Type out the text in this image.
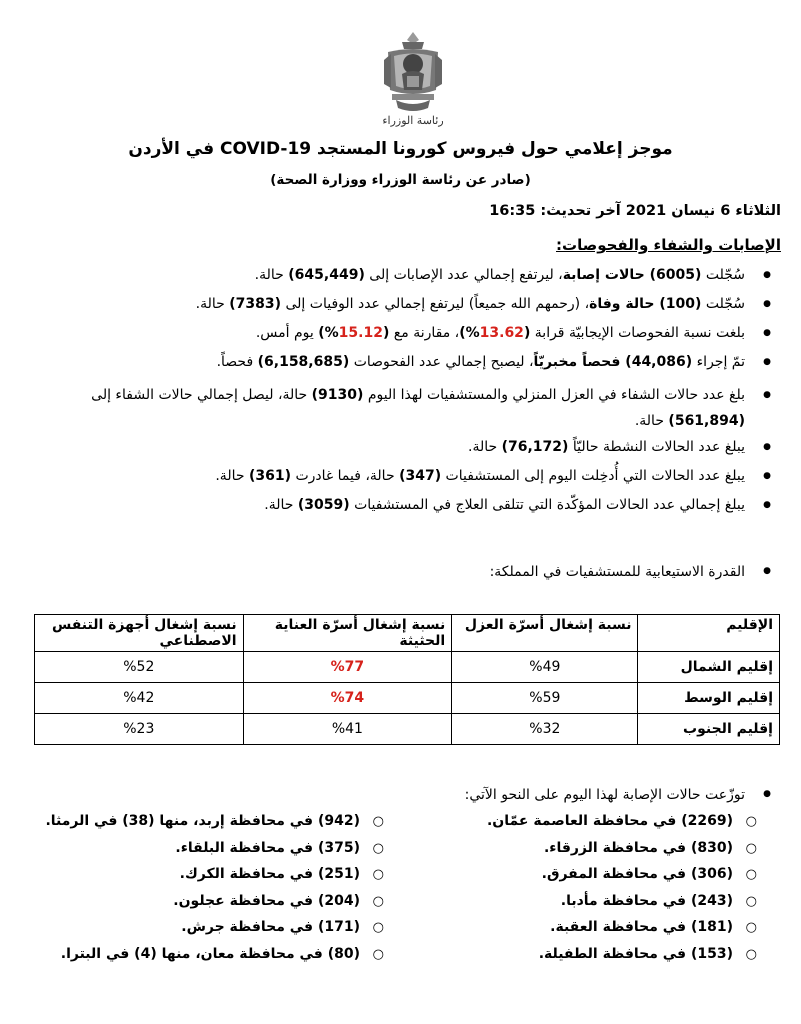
رئاسة الوزراء
موجز إعلامي حول فيروس كورونا المستجد COVID-19 في الأردن
(صادر عن رئاسة الوزراء ووزارة الصحة)
الثلاثاء 6 نيسان 2021 آخر تحديث: 16:35
الإصابات والشفاء والفحوصات:
● سُجّلت (6005) حالات إصابة، ليرتفع إجمالي عدد الإصابات إلى (645,449) حالة.
● سُجّلت (100) حالة وفاة، (رحمهم الله جميعاً) ليرتفع إجمالي عدد الوفيات إلى (7383) حالة.
● بلغت نسبة الفحوصات الإيجابيّة قرابة (13.62%)، مقارنة مع (15.12%) يوم أمس.
● تمّ إجراء (44,086) فحصاً مخبريّاً، ليصبح إجمالي عدد الفحوصات (6,158,685) فحصاً.
● بلغ عدد حالات الشفاء في العزل المنزلي والمستشفيات لهذا اليوم (9130) حالة، ليصل إجمالي حالات الشفاء إلى (561,894) حالة.
● يبلغ عدد الحالات النشطة حاليّاً (76,172) حالة.
● يبلغ عدد الحالات التي أُدخِلت اليوم إلى المستشفيات (347) حالة، فيما غادرت (361) حالة.
● يبلغ إجمالي عدد الحالات المؤكّدة التي تتلقى العلاج في المستشفيات (3059) حالة.
● القدرة الاستيعابية للمستشفيات في المملكة:
الإقليم	نسبة إشغال أسرّة العزل	نسبة إشغال أسرّة العناية الحثيثة	نسبة إشغال أجهزة التنفس الاصطناعي
إقليم الشمال	%49	%77	%52
إقليم الوسط	%59	%74	%42
إقليم الجنوب	%32	%41	%23
● توزّعت حالات الإصابة لهذا اليوم على النحو الآتي:
○ (2269) في محافظة العاصمة عمّان.
○ (830) في محافظة الزرقاء.
○ (306) في محافظة المفرق.
○ (243) في محافظة مأدبا.
○ (181) في محافظة العقبة.
○ (153) في محافظة الطفيلة.
○ (942) في محافظة إربد، منها (38) في الرمثا.
○ (375) في محافظة البلقاء.
○ (251) في محافظة الكرك.
○ (204) في محافظة عجلون.
○ (171) في محافظة جرش.
○ (80) في محافظة معان، منها (4) في البترا.
